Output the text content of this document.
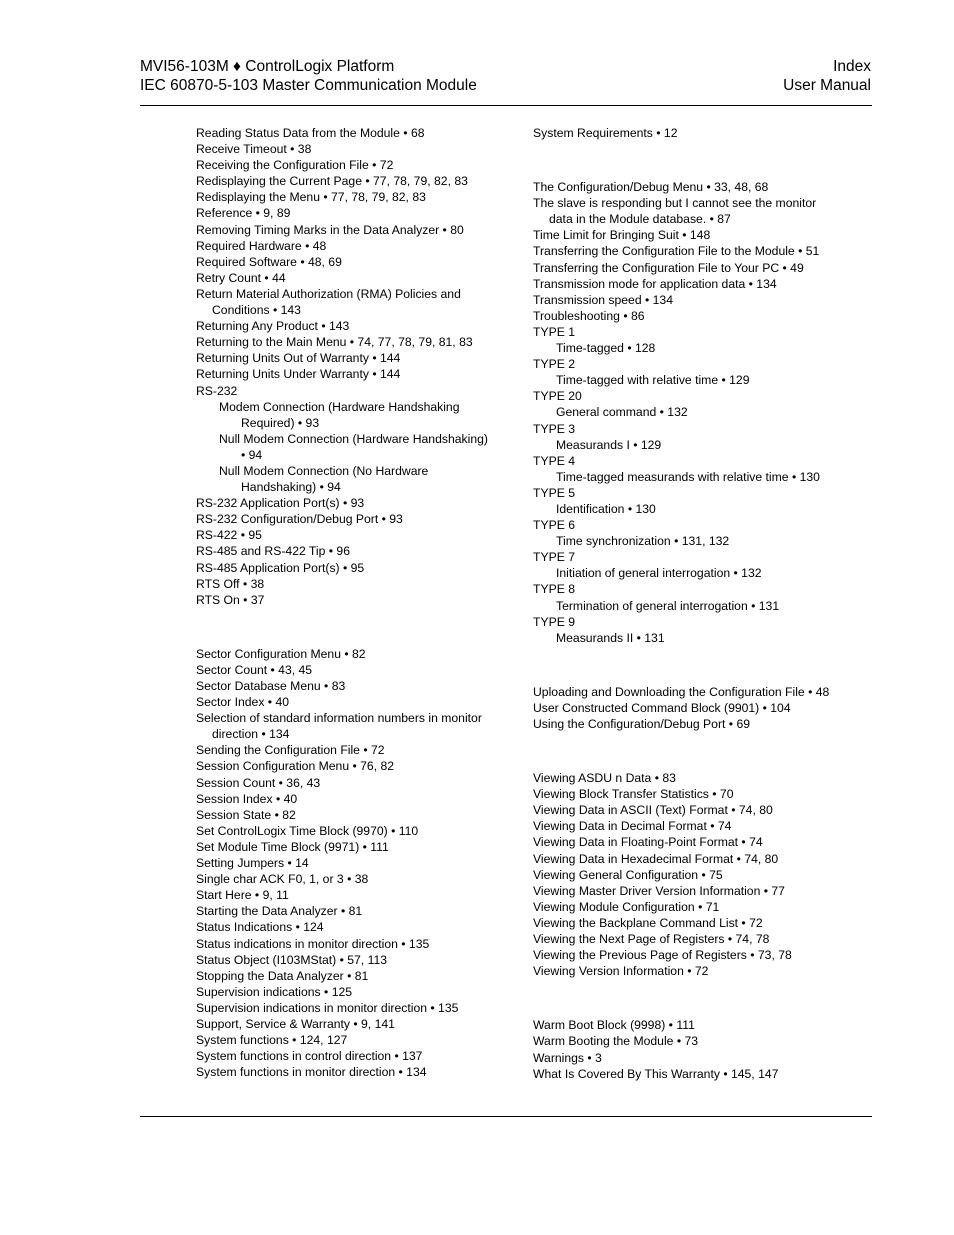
MVI56-103M ♦ ControlLogix Platform	Index
IEC 60870-5-103 Master Communication Module	User Manual
Reading Status Data from the Module • 68
Receive Timeout • 38
Receiving the Configuration File • 72
Redisplaying the Current Page • 77, 78, 79, 82, 83
Redisplaying the Menu • 77, 78, 79, 82, 83
Reference • 9, 89
Removing Timing Marks in the Data Analyzer • 80
Required Hardware • 48
Required Software • 48, 69
Retry Count • 44
Return Material Authorization (RMA) Policies and
Conditions • 143
Returning Any Product • 143
Returning to the Main Menu • 74, 77, 78, 79, 81, 83
Returning Units Out of Warranty • 144
Returning Units Under Warranty • 144
RS-232
Modem Connection (Hardware Handshaking
Required) • 93
Null Modem Connection (Hardware Handshaking)
• 94
Null Modem Connection (No Hardware
Handshaking) • 94
RS-232 Application Port(s) • 93
RS-232 Configuration/Debug Port • 93
RS-422 • 95
RS-485 and RS-422 Tip • 96
RS-485 Application Port(s) • 95
RTS Off • 38
RTS On • 37
Sector Configuration Menu • 82
Sector Count • 43, 45
Sector Database Menu • 83
Sector Index • 40
Selection of standard information numbers in monitor
direction • 134
Sending the Configuration File • 72
Session Configuration Menu • 76, 82
Session Count • 36, 43
Session Index • 40
Session State • 82
Set ControlLogix Time Block (9970) • 110
Set Module Time Block (9971) • 111
Setting Jumpers • 14
Single char ACK F0, 1, or 3 • 38
Start Here • 9, 11
Starting the Data Analyzer • 81
Status Indications • 124
Status indications in monitor direction • 135
Status Object (I103MStat) • 57, 113
Stopping the Data Analyzer • 81
Supervision indications • 125
Supervision indications in monitor direction • 135
Support, Service & Warranty • 9, 141
System functions • 124, 127
System functions in control direction • 137
System functions in monitor direction • 134
System Requirements • 12
The Configuration/Debug Menu • 33, 48, 68
The slave is responding but I cannot see the monitor
data in the Module database. • 87
Time Limit for Bringing Suit • 148
Transferring the Configuration File to the Module • 51
Transferring the Configuration File to Your PC • 49
Transmission mode for application data • 134
Transmission speed • 134
Troubleshooting • 86
TYPE 1
Time-tagged • 128
TYPE 2
Time-tagged with relative time • 129
TYPE 20
General command • 132
TYPE 3
Measurands I • 129
TYPE 4
Time-tagged measurands with relative time • 130
TYPE 5
Identification • 130
TYPE 6
Time synchronization • 131, 132
TYPE 7
Initiation of general interrogation • 132
TYPE 8
Termination of general interrogation • 131
TYPE 9
Measurands II • 131
Uploading and Downloading the Configuration File • 48
User Constructed Command Block (9901) • 104
Using the Configuration/Debug Port • 69
Viewing ASDU n Data • 83
Viewing Block Transfer Statistics • 70
Viewing Data in ASCII (Text) Format • 74, 80
Viewing Data in Decimal Format • 74
Viewing Data in Floating-Point Format • 74
Viewing Data in Hexadecimal Format • 74, 80
Viewing General Configuration • 75
Viewing Master Driver Version Information • 77
Viewing Module Configuration • 71
Viewing the Backplane Command List • 72
Viewing the Next Page of Registers • 74, 78
Viewing the Previous Page of Registers • 73, 78
Viewing Version Information • 72
Warm Boot Block (9998) • 111
Warm Booting the Module • 73
Warnings • 3
What Is Covered By This Warranty • 145, 147
